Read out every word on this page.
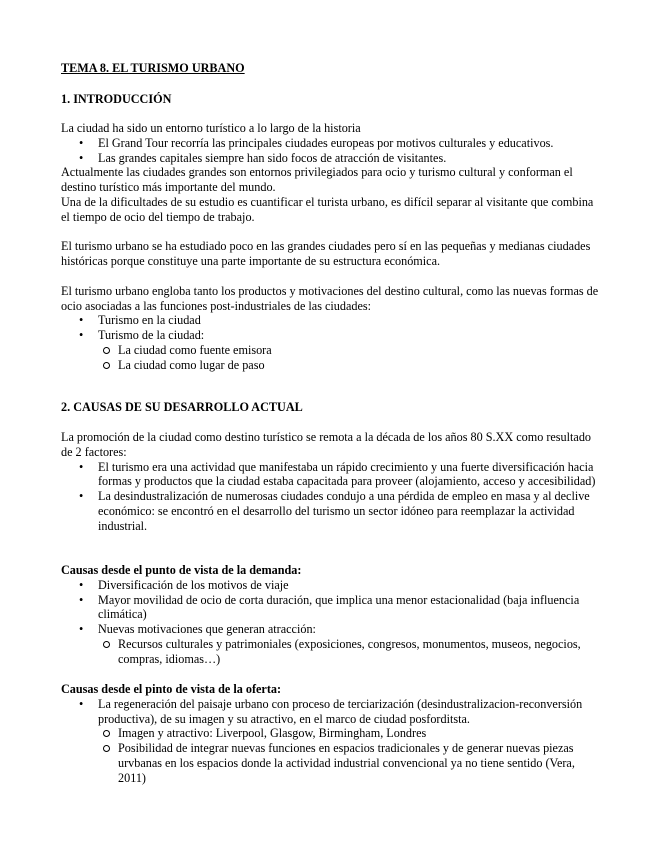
TEMA 8. EL TURISMO URBANO
1. INTRODUCCIÓN

La ciudad ha sido un entorno turístico a lo largo de la historia

• El Grand Tour recorría las principales ciudades europeas por motivos culturales y educativos.
• Las grandes capitales siempre han sido focos de atracción de visitantes.

Actualmente las ciudades grandes son entornos privilegiados para ocio y turismo cultural y conforman el destino turístico más importante del mundo.

Una de la dificultades de su estudio es cuantificar el turista urbano, es difícil separar al visitante que combina el tiempo de ocio del tiempo de trabajo.

El turismo urbano se ha estudiado poco en las grandes ciudades pero sí en las pequeñas y medianas ciudades históricas porque constituye una parte importante de su estructura económica.

El turismo urbano engloba tanto los productos y motivaciones del destino cultural, como las nuevas formas de ocio asociadas a las funciones post-industriales de las ciudades:

• Turismo en la ciudad
• Turismo de la ciudad:
La ciudad como fuente emisora
La ciudad como lugar de paso
2. CAUSAS DE SU DESARROLLO ACTUAL

La promoción de la ciudad como destino turístico se remota a la década de los años 80 S.XX como resultado de 2 factores:

• El turismo era una actividad que manifestaba un rápido crecimiento y una fuerte diversificación hacia formas y productos que la ciudad estaba capacitada para proveer (alojamiento, acceso y accesibilidad)
• La desindustralización de numerosas ciudades condujo a una pérdida de empleo en masa y al declive económico: se encontró en el desarrollo del turismo un sector idóneo para reemplazar la actividad industrial.

Causas desde el punto de vista de la demanda:

• Diversificación de los motivos de viaje
• Mayor movilidad de ocio de corta duración, que implica una menor estacionalidad (baja influencia climática)
• Nuevas motivaciones que generan atracción:
Recursos culturales y patrimoniales (exposiciones, congresos, monumentos, museos, negocios, compras, idiomas…)

Causas desde el pinto de vista de la oferta:

• La regeneración del paisaje urbano con proceso de terciarización (desindustralizacion-reconversión productiva), de su imagen y su atractivo, en el marco de ciudad posforditsta.
Imagen y atractivo: Liverpool, Glasgow, Birmingham, Londres
Posibilidad de integrar nuevas funciones en espacios tradicionales y de generar nuevas piezas urvbanas en los espacios donde la actividad industrial convencional ya no tiene sentido (Vera, 2011)
